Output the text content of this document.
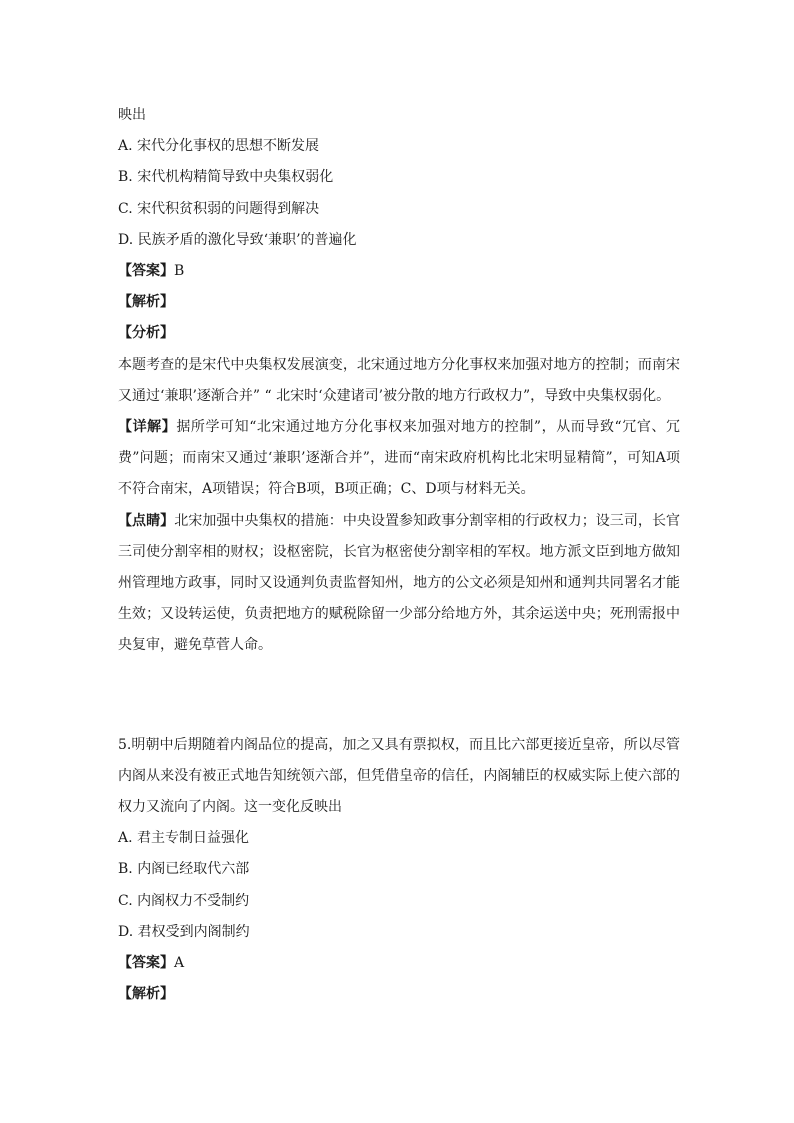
映出
A. 宋代分化事权的思想不断发展
B. 宋代机构精简导致中央集权弱化
C. 宋代积贫积弱的问题得到解决
D. 民族矛盾的激化导致‘兼职’的普遍化
【答案】B
【解析】
【分析】
本题考查的是宋代中央集权发展演变，北宋通过地方分化事权来加强对地方的控制；而南宋又通过‘兼职’逐渐合并” “ 北宋时‘众建诸司’被分散的地方行政权力”，导致中央集权弱化。
【详解】据所学可知“北宋通过地方分化事权来加强对地方的控制”，从而导致“冗官、冗费”问题；而南宋又通过‘兼职’逐渐合并”，进而“南宋政府机构比北宋明显精简”，可知A项不符合南宋，A项错误；符合B项，B项正确；C、D项与材料无关。
【点睛】北宋加强中央集权的措施：中央设置参知政事分割宰相的行政权力；设三司，长官三司使分割宰相的财权；设枢密院，长官为枢密使分割宰相的军权。地方派文臣到地方做知州管理地方政事，同时又设通判负责监督知州，地方的公文必须是知州和通判共同署名才能生效；又设转运使，负责把地方的赋税除留一少部分给地方外，其余运送中央；死刑需报中央复审，避免草菅人命。
5.明朝中后期随着内阁品位的提高，加之又具有票拟权，而且比六部更接近皇帝，所以尽管内阁从来没有被正式地告知统领六部，但凭借皇帝的信任，内阁辅臣的权威实际上使六部的权力又流向了内阁。这一变化反映出
A. 君主专制日益强化
B. 内阁已经取代六部
C. 内阁权力不受制约
D. 君权受到内阁制约
【答案】A
【解析】
